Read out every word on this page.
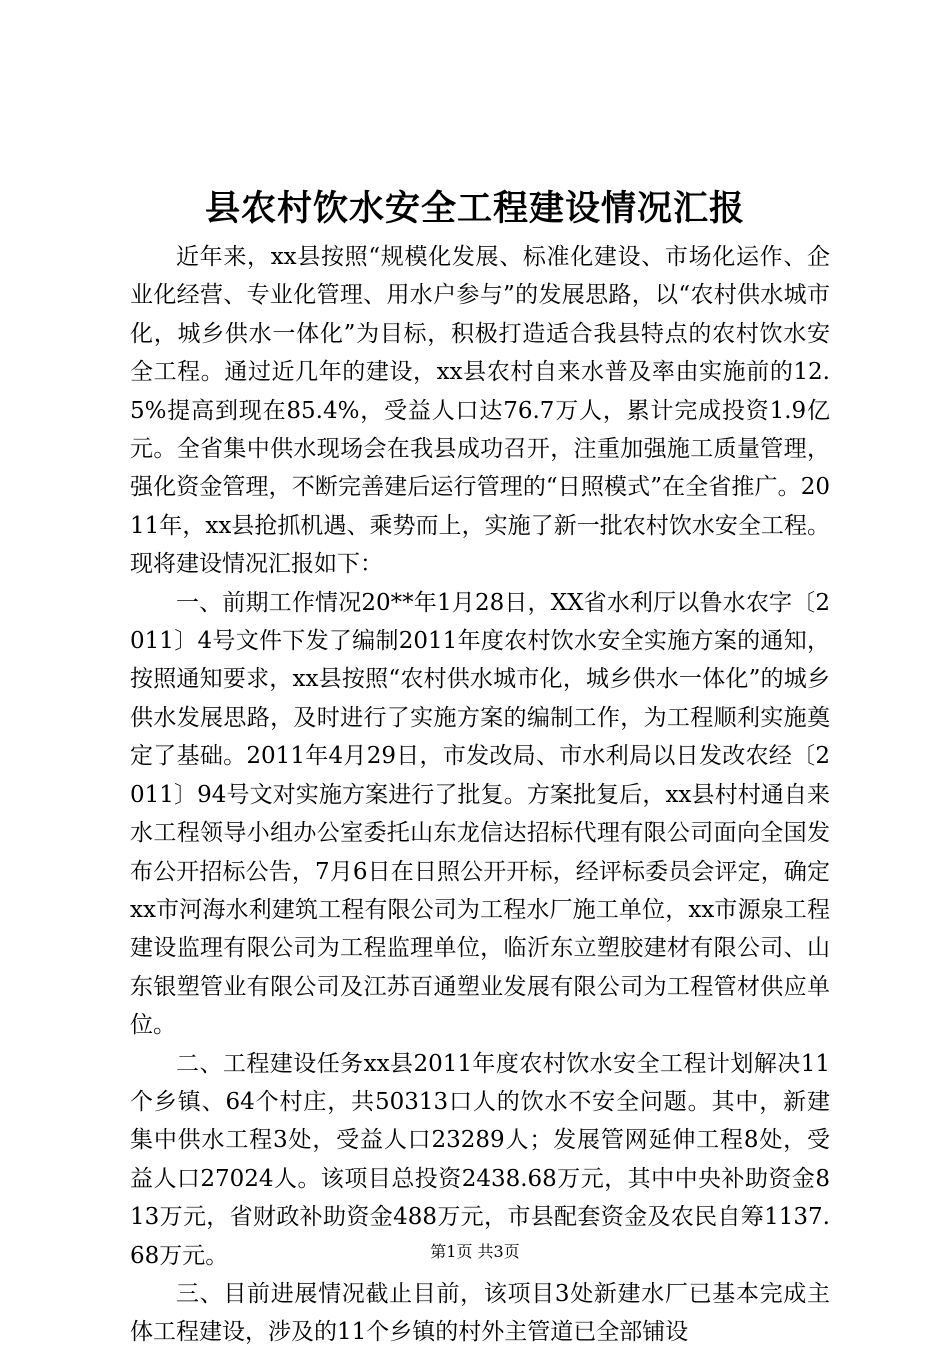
县农村饮水安全工程建设情况汇报

近年来，xx县按照“规模化发展、标准化建设、市场化运作、企业化经营、专业化管理、用水户参与”的发展思路，以“农村供水城市化，城乡供水一体化”为目标，积极打造适合我县特点的农村饮水安全工程。通过近几年的建设，xx县农村自来水普及率由实施前的12.5%提高到现在85.4%，受益人口达76.7万人，累计完成投资1.9亿元。全省集中供水现场会在我县成功召开，注重加强施工质量管理，强化资金管理，不断完善建后运行管理的“日照模式”在全省推广。2011年，xx县抢抓机遇、乘势而上，实施了新一批农村饮水安全工程。现将建设情况汇报如下：

一、前期工作情况20**年1月28日，XX省水利厅以鲁水农字〔2011〕4号文件下发了编制2011年度农村饮水安全实施方案的通知，按照通知要求，xx县按照“农村供水城市化，城乡供水一体化”的城乡供水发展思路，及时进行了实施方案的编制工作，为工程顺利实施奠定了基础。2011年4月29日，市发改局、市水利局以日发改农经〔2011〕94号文对实施方案进行了批复。方案批复后，xx县村村通自来水工程领导小组办公室委托山东龙信达招标代理有限公司面向全国发布公开招标公告，7月6日在日照公开开标，经评标委员会评定，确定xx市河海水利建筑工程有限公司为工程水厂施工单位，xx市源泉工程建设监理有限公司为工程监理单位，临沂东立塑胶建材有限公司、山东银塑管业有限公司及江苏百通塑业发展有限公司为工程管材供应单位。

二、工程建设任务xx县2011年度农村饮水安全工程计划解决11个乡镇、64个村庄，共50313口人的饮水不安全问题。其中，新建集中供水工程3处，受益人口23289人；发展管网延伸工程8处，受益人口27024人。该项目总投资2438.68万元，其中中央补助资金813万元，省财政补助资金488万元，市县配套资金及农民自筹1137.68万元。

三、目前进展情况截止目前，该项目3处新建水厂已基本完成主体工程建设，涉及的11个乡镇的村外主管道已全部铺设

第1页 共3页
